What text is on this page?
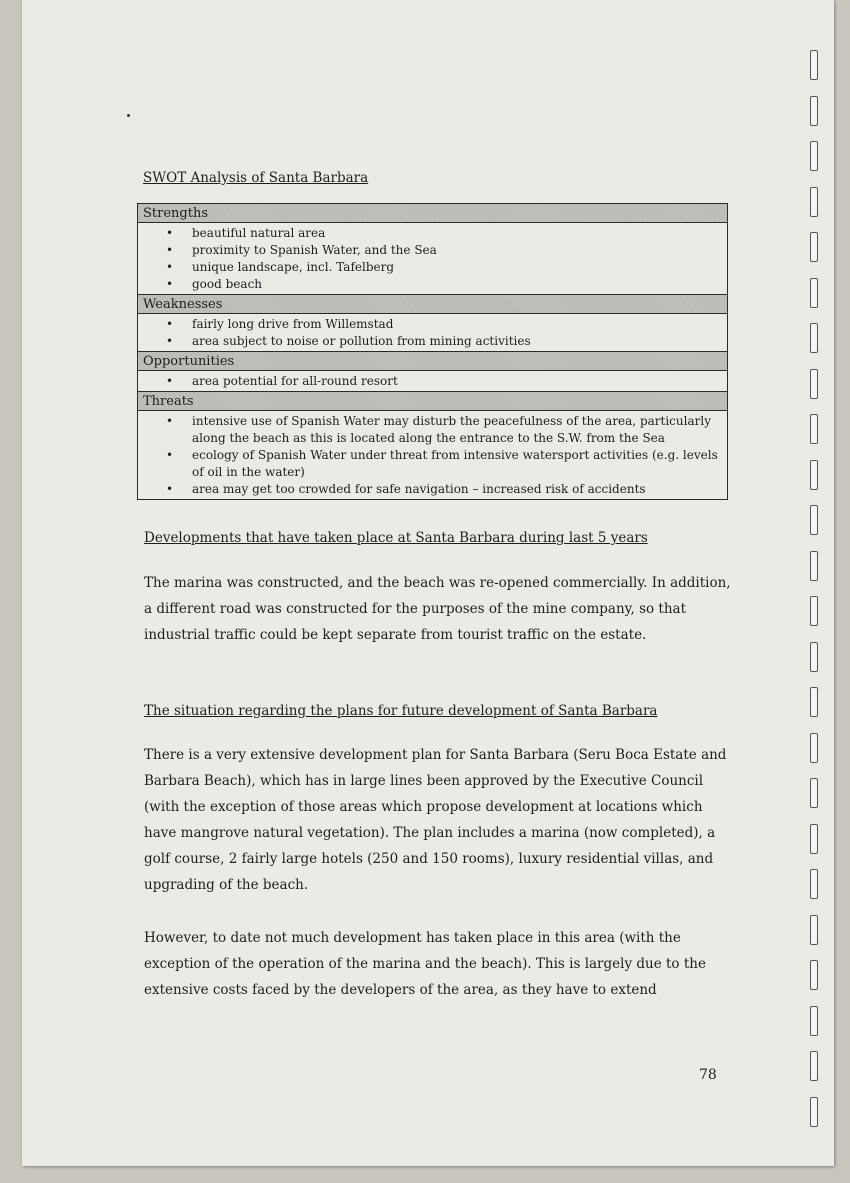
SWOT Analysis of Santa Barbara
Strengths
• beautiful natural area
• proximity to Spanish Water, and the Sea
• unique landscape, incl. Tafelberg
• good beach
Weaknesses
• fairly long drive from Willemstad
• area subject to noise or pollution from mining activities
Opportunities
• area potential for all-round resort
Threats
• intensive use of Spanish Water may disturb the peacefulness of the area, particularly along the beach as this is located along the entrance to the S.W. from the Sea
• ecology of Spanish Water under threat from intensive watersport activities (e.g. levels of oil in the water)
• area may get too crowded for safe navigation – increased risk of accidents
Developments that have taken place at Santa Barbara during last 5 years

The marina was constructed, and the beach was re-opened commercially. In addition, a different road was constructed for the purposes of the mine company, so that industrial traffic could be kept separate from tourist traffic on the estate.

The situation regarding the plans for future development of Santa Barbara

There is a very extensive development plan for Santa Barbara (Seru Boca Estate and Barbara Beach), which has in large lines been approved by the Executive Council (with the exception of those areas which propose development at locations which have mangrove natural vegetation). The plan includes a marina (now completed), a golf course, 2 fairly large hotels (250 and 150 rooms), luxury residential villas, and upgrading of the beach.

However, to date not much development has taken place in this area (with the exception of the operation of the marina and the beach). This is largely due to the extensive costs faced by the developers of the area, as they have to extend

78
